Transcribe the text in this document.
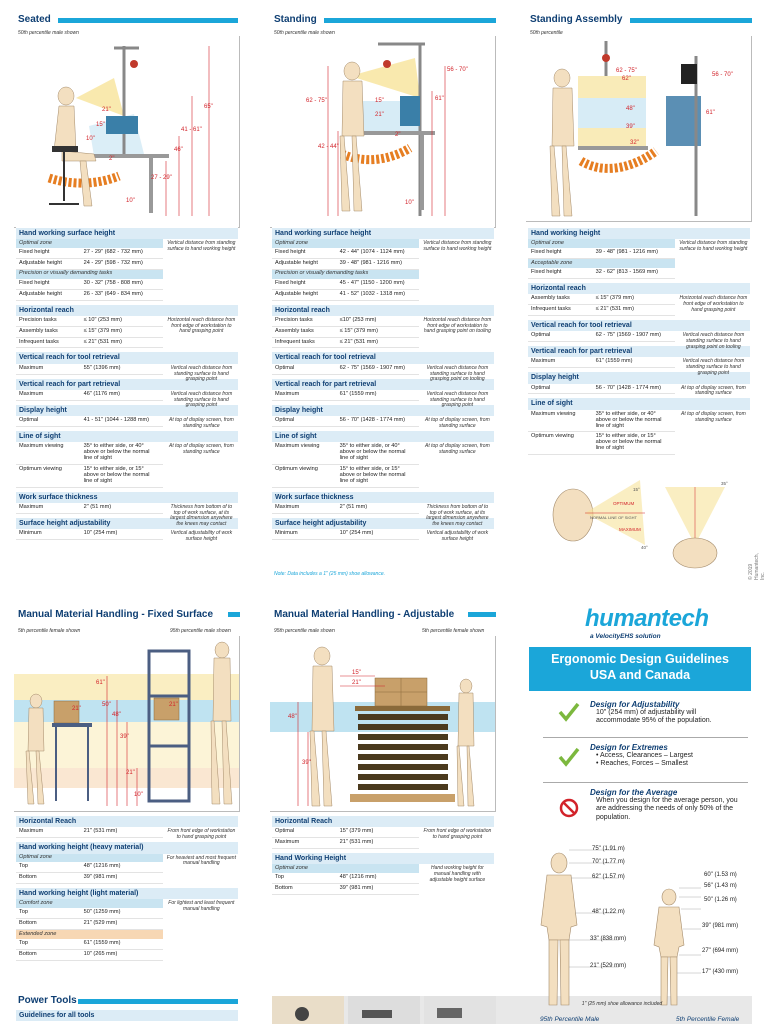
Seated
50th percentile male shown
65"
41 - 61"
46"
27 - 29"
10"
21"
15"
10"
2"
Hand working surface height
Optimal zone
Fixed height	27 - 29" (682 - 732 mm)
Adjustable height	24 - 29" (598 - 732 mm)
Precision or visually demanding tasks
Fixed height	30 - 32" (758 - 808 mm)
Adjustable height	26 - 33" (649 - 834 mm)
Vertical distance from standing surface to hand working height
Horizontal reach
Precision tasks	≤ 10" (253 mm)
Assembly tasks	≤ 15" (379 mm)
Infrequent tasks	≤ 21" (531 mm)
Horizontal reach distance from front edge of workstation to hand grasping point
Vertical reach for tool retrieval
Maximum	55" (1396 mm)	Vertical reach distance from standing surface to hand grasping point
Vertical reach for part retrieval
Maximum	46" (1176 mm)	Vertical reach distance from standing surface to hand grasping point
Display height
Optimal	41 - 51" (1044 - 1288 mm)	At top of display screen, from standing surface
Line of sight
Maximum viewing	35° to either side, or 40° above or below the normal line of sight
Optimum viewing	15° to either side, or 15° above or below the normal line of sight
At top of display screen, from standing surface
Work surface thickness
Maximum	2" (51 mm)	Thickness from bottom of to top of work surface, at its largest dimension anywhere the knees may contact
Surface height adjustability
Minimum	10" (254 mm)	Vertical adjustability of work surface height
Standing
50th percentile male shown
62 - 75"
56 - 70"
61"
42 - 44"
10"
15"
21"
2"
Hand working surface height
Optimal zone
Fixed height	42 - 44" (1074 - 1124 mm)
Adjustable height	39 - 48" (981 - 1216 mm)
Precision or visually demanding tasks
Fixed height	45 - 47" (1150 - 1200 mm)
Adjustable height	41 - 52" (1032 - 1318 mm)
Vertical distance from standing surface to hand working height
Horizontal reach
Precision tasks	≤10" (253 mm)
Assembly tasks	≤ 15" (379 mm)
Infrequent tasks	≤ 21" (531 mm)
Horizontal reach distance from front edge of workstation to hand grasping point on tooling
Vertical reach for tool retrieval
Optimal	62 - 75" (1569 - 1907 mm)	Vertical reach distance from standing surface to hand grasping point on tooling
Vertical reach for part retrieval
Maximum	61" (1559 mm)	Vertical reach distance from standing surface to hand grasping point
Display height
Optimal	56 - 70" (1428 - 1774 mm)	At top of display screen, from standing surface
Line of sight
Maximum viewing	35° to either side, or 40° above or below the normal line of sight
Optimum viewing	15° to either side, or 15° above or below the normal line of sight
At top of display screen, from standing surface
Work surface thickness
Maximum	2" (51 mm)	Thickness from bottom of to top of work surface, at its largest dimension anywhere the knees may contact
Surface height adjustability
Minimum	10" (254 mm)	Vertical adjustability of work surface height
Note: Data includes a 1" (25 mm) shoe allowance.
Standing Assembly
50th percentile
62 - 75"
62"
56 - 70"
48"
61"
39"
32"
Hand working height
Optimal zone
Fixed height	39 - 48" (981 - 1216 mm)
Acceptable zone
Fixed height	32 - 62" (813 - 1569 mm)
Vertical distance from standing surface to hand working height
Horizontal reach
Assembly tasks	≤ 15" (379 mm)
Infrequent tasks	≤ 21" (531 mm)
Horizontal reach distance from front edge of workstation to hand grasping point
Vertical reach for tool retrieval
Optimal	62 - 75" (1569 - 1907 mm)	Vertical reach distance from standing surface to hand grasping point on tooling
Vertical reach for part retrieval
Maximum	61" (1559 mm)	Vertical reach distance from standing surface to hand grasping point
Display height
Optimal	56 - 70" (1428 - 1774 mm)	At top of display screen, from standing surface
Line of sight
Maximum viewing	35° to either side, or 40° above or below the normal line of sight
Optimum viewing	15° to either side, or 15° above or below the normal line of sight
At top of display screen, from standing surface
OPTIMUM
NORMAL LINE OF SIGHT
MAXIMUM
15°
40°
35°
© 2019 Humantech, Inc.
Manual Material Handling - Fixed Surface
5th percentile female shown	95th percentile male shown
61"
50"
48"
39"
21"
21"
21"
10"
Horizontal Reach
Maximum	21" (531 mm)	From front edge of workstation to hand grasping point
Hand working height (heavy material)
Optimal zone
Top	48" (1216 mm)
Bottom	39" (981 mm)
For heaviest and most frequent manual handling
Hand working height (light material)
Comfort zone
Top	50" (1259 mm)
Bottom	21" (529 mm)
Extended zone
Top	61" (1559 mm)
Bottom	10" (265 mm)
For lightest and least frequent manual handling
Manual Material Handling - Adjustable
95th percentile male shown	5th percentile female shown
15"
21"
48"
39"
Horizontal Reach
Optimal	15" (379 mm)
Maximum	21" (531 mm)
From front edge of workstation to hand grasping point
Hand Working Height
Optimal zone
Top	48" (1216 mm)
Bottom	39" (981 mm)
Hand working height for manual handling with adjustable height surface
Power Tools
Guidelines for all tools
humantech
a VelocityEHS solution
Ergonomic Design Guidelines
USA and Canada
Design for Adjustability
10" (254 mm) of adjustability will accommodate 95% of the population.
Design for Extremes
• Access, Clearances – Largest
• Reaches, Forces – Smallest
Design for the Average
When you design for the average person, you are addressing the needs of only 50% of the population.
75" (1.91 m)
70" (1.77 m)
62" (1.57 m)
48" (1.22 m)
33" (838 mm)
21" (529 mm)
60" (1.53 m)
56" (1.43 m)
50" (1.26 m)
39" (981 mm)
27" (694 mm)
17" (430 mm)
1" (25 mm) shoe allowance included
95th Percentile Male	5th Percentile Female
